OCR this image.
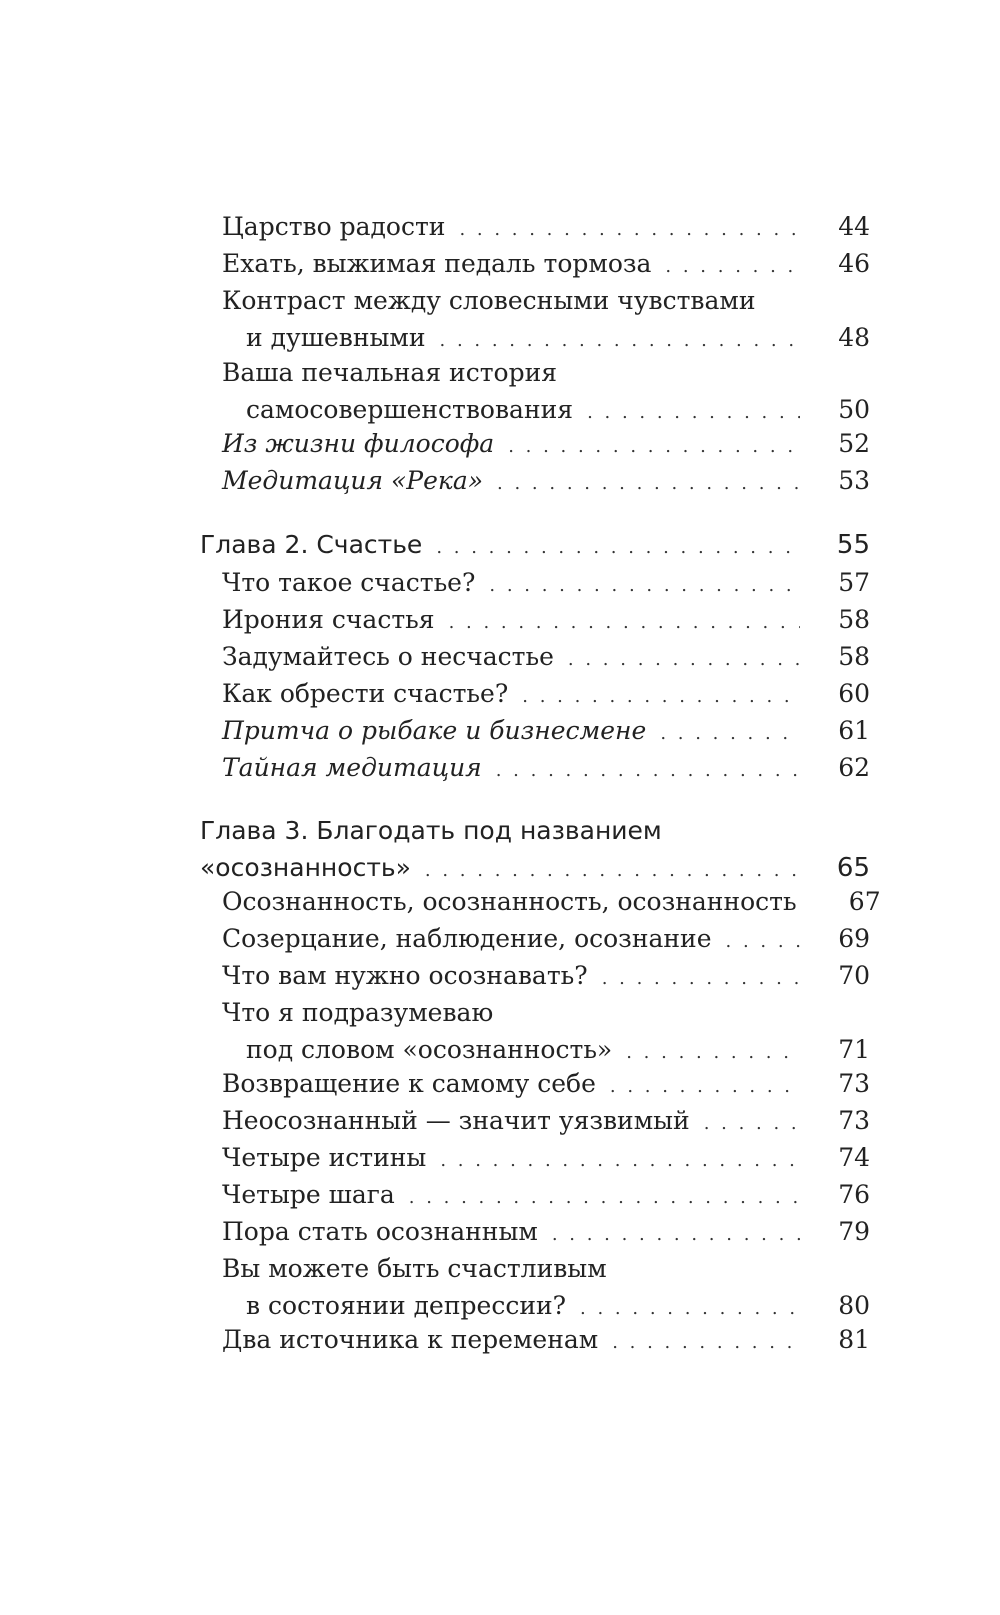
Царство радости . . .	44
Ехать, выжимая педаль тормоза . . .	46
Контраст между словесными чувствами
и душевными . . .	48
Ваша печальная история
самосовершенствования . . .	50
Из жизни философа . . .	52
Медитация «Река» . . .	53
Глава 2. Счастье . . .	55
Что такое счастье? . . .	57
Ирония счастья . . .	58
Задумайтесь о несчастье . . .	58
Как обрести счастье? . . .	60
Притча о рыбаке и бизнесмене . . .	61
Тайная медитация . . .	62
Глава 3. Благодать под названием
«осознанность» . . .	65
Осознанность, осознанность, осознанность	67
Созерцание, наблюдение, осознание . . .	69
Что вам нужно осознавать? . . .	70
Что я подразумеваю
под словом «осознанность» . . .	71
Возвращение к самому себе . . .	73
Неосознанный — значит уязвимый . . .	73
Четыре истины . . .	74
Четыре шага . . .	76
Пора стать осознанным . . .	79
Вы можете быть счастливым
в состоянии депрессии? . . .	80
Два источника к переменам . . .	81
